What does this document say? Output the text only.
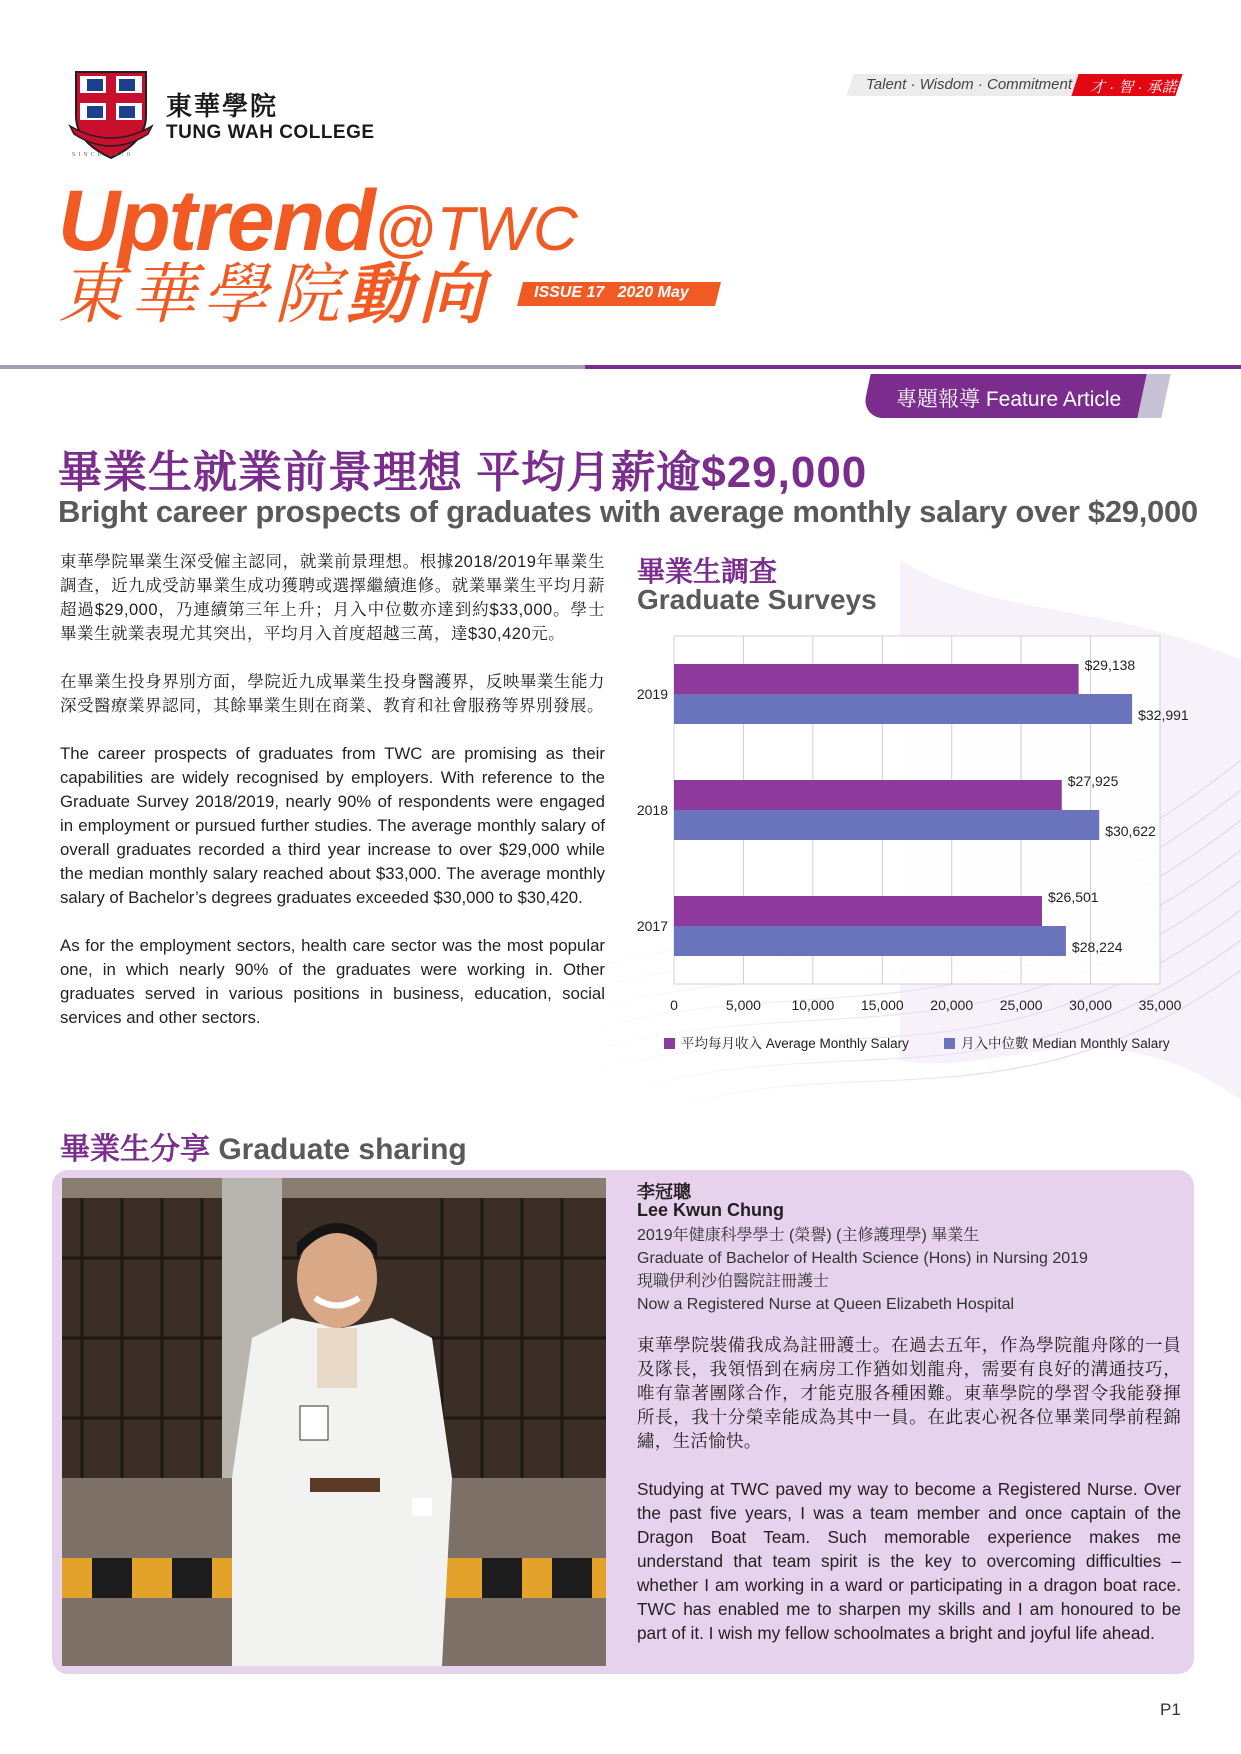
東華學院
TUNG WAH COLLEGE
SINCE 1870
Talent · Wisdom · Commitment 才 · 智 · 承諾
Uptrend@TWC
東華學院動向	ISSUE 17   2020 May
專題報導 Feature Article
畢業生就業前景理想 平均月薪逾$29,000
Bright career prospects of graduates with average monthly salary over $29,000

東華學院畢業生深受僱主認同，就業前景理想。根據2018/2019年畢業生調查，近九成受訪畢業生成功獲聘或選擇繼續進修。就業畢業生平均月薪超過$29,000，乃連續第三年上升；月入中位數亦達到約$33,000。學士畢業生就業表現尤其突出，平均月入首度超越三萬，達$30,420元。

在畢業生投身界別方面，學院近九成畢業生投身醫護界，反映畢業生能力深受醫療業界認同，其餘畢業生則在商業、教育和社會服務等界別發展。

The career prospects of graduates from TWC are promising as their capabilities are widely recognised by employers. With reference to the Graduate Survey 2018/2019, nearly 90% of respondents were engaged in employment or pursued further studies. The average monthly salary of overall graduates recorded a third year increase to over $29,000 while the median monthly salary reached about $33,000. The average monthly salary of Bachelor’s degrees graduates exceeded $30,000 to $30,420.

As for the employment sectors, health care sector was the most popular one, in which nearly 90% of the graduates were working in. Other graduates served in various positions in business, education, social services and other sectors.

畢業生調查
Graduate Surveys
0	5,000 10,000 15,000 20,000 25,000 30,000 35,000
2019
$29,138
$32,991
2018
$27,925
$30,622
2017
$26,501
$28,224
平均每月收入 Average Monthly Salary	月入中位數 Median Monthly Salary
畢業生分享 Graduate sharing
李冠聰
Lee Kwun Chung
2019年健康科學學士 (榮譽) (主修護理學) 畢業生
Graduate of Bachelor of Health Science (Hons) in Nursing 2019
現職伊利沙伯醫院註冊護士
Now a Registered Nurse at Queen Elizabeth Hospital

東華學院裝備我成為註冊護士。在過去五年，作為學院龍舟隊的一員及隊長，我領悟到在病房工作猶如划龍舟，需要有良好的溝通技巧，唯有靠著團隊合作，才能克服各種困難。東華學院的學習令我能發揮所長，我十分榮幸能成為其中一員。在此衷心祝各位畢業同學前程錦繡，生活愉快。

Studying at TWC paved my way to become a Registered Nurse. Over the past five years, I was a team member and once captain of the Dragon Boat Team. Such memorable experience makes me understand that team spirit is the key to overcoming difficulties – whether I am working in a ward or participating in a dragon boat race. TWC has enabled me to sharpen my skills and I am honoured to be part of it. I wish my fellow schoolmates a bright and joyful life ahead.

P1
